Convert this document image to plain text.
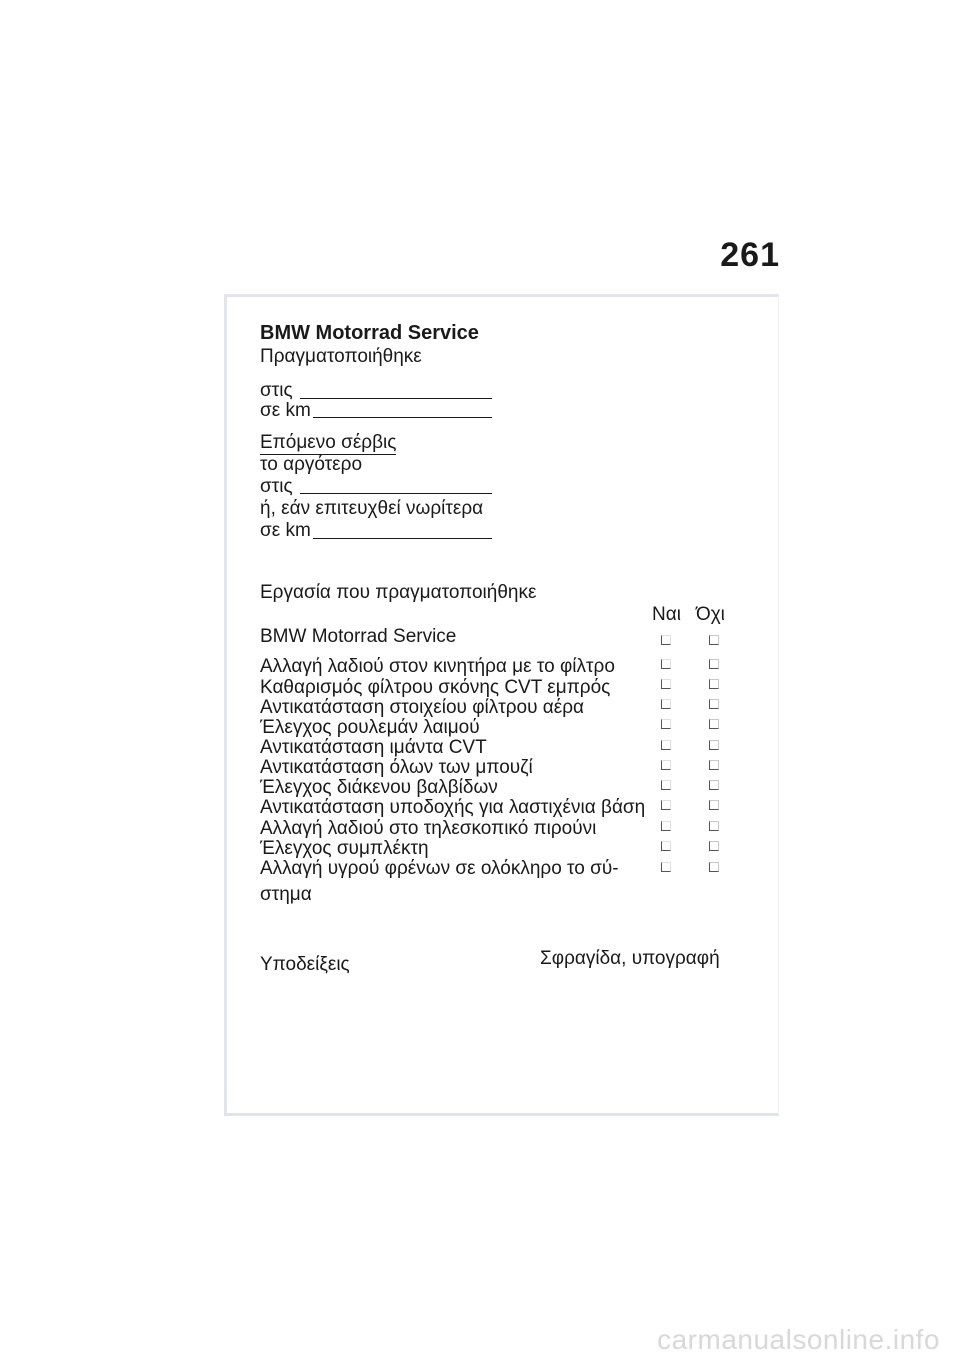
261
BMW Motorrad Service
Πραγματοποιήθηκε
στις
σε km
Επόμενο σέρβις
το αργότερο
στις
ή, εάν επιτευχθεί νωρίτερα
σε km
Εργασία που πραγματοποιήθηκε
Ναι Όχι
BMW Motorrad Service
Αλλαγή λαδιού στον κινητήρα με το φίλτρο
Καθαρισμός φίλτρου σκόνης CVT εμπρός
Αντικατάσταση στοιχείου φίλτρου αέρα
Έλεγχος ρουλεμάν λαιμού
Αντικατάσταση ιμάντα CVT
Αντικατάσταση όλων των μπουζί
Έλεγχος διάκενου βαλβίδων
Αντικατάσταση υποδοχής για λαστιχένια βάση
Αλλαγή λαδιού στο τηλεσκοπικό πιρούνι
Έλεγχος συμπλέκτη
Αλλαγή υγρού φρένων σε ολόκληρο το σύ-
στημα
Υποδείξεις	Σφραγίδα, υπογραφή
carmanualsonline.info
